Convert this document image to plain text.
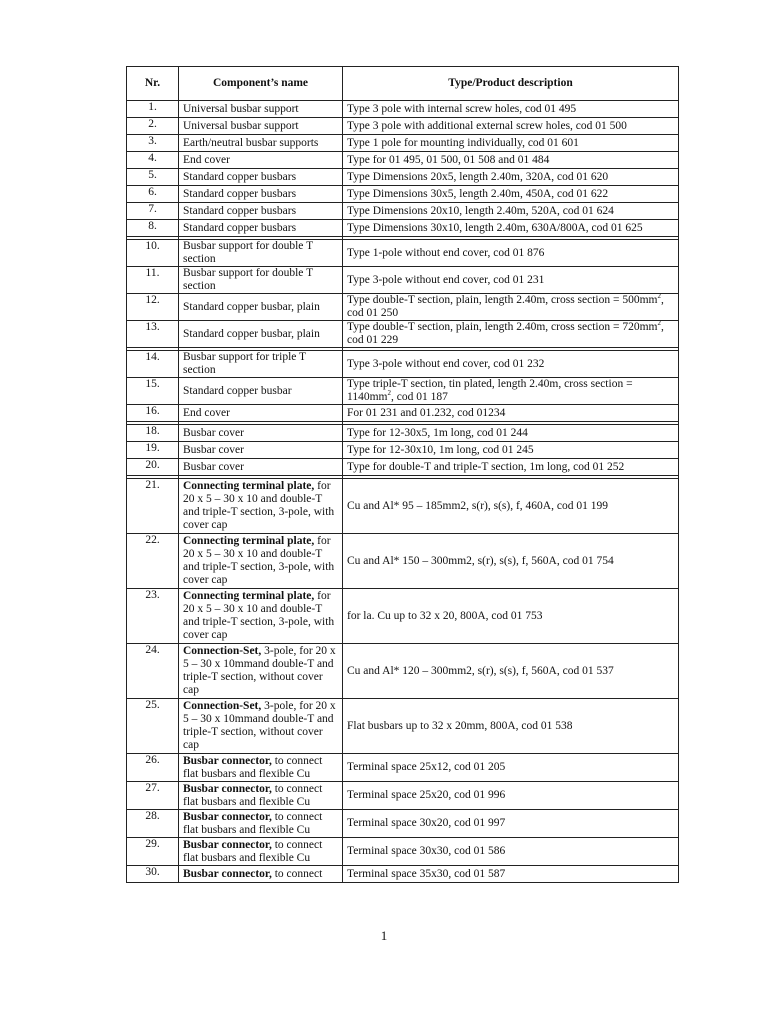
Nr.	Component’s name	Type/Product description
1.	Universal busbar support	Type 3 pole with internal screw holes, cod 01 495
2.	Universal busbar support	Type 3 pole with additional external screw holes, cod 01 500
3.	Earth/neutral busbar supports	Type 1 pole for mounting individually, cod 01 601
4.	End cover	Type for 01 495, 01 500, 01 508 and 01 484
5.	Standard copper busbars	Type Dimensions 20x5, length 2.40m, 320A, cod 01 620
6.	Standard copper busbars	Type Dimensions 30x5, length 2.40m, 450A, cod 01 622
7.	Standard copper busbars	Type Dimensions 20x10, length 2.40m, 520A, cod 01 624
8.	Standard copper busbars	Type Dimensions 30x10, length 2.40m, 630A/800A, cod 01 625

10.	Busbar support for double T section	Type 1-pole without end cover, cod 01 876
11.	Busbar support for double T section	Type 3-pole without end cover, cod 01 231
12.	Standard copper busbar, plain	Type double-T section, plain, length 2.40m, cross section = $500mm^2$, cod 01 250
13.	Standard copper busbar, plain	Type double-T section, plain, length 2.40m, cross section = $720mm^2$, cod 01 229

14.	Busbar support for triple T section	Type 3-pole without end cover, cod 01 232
15.	Standard copper busbar	Type triple-T section, tin plated, length 2.40m, cross section = $1140mm^2$, cod 01 187
16.	End cover	For 01 231 and 01.232, cod 01234

18.	Busbar cover	Type for 12-30x5, 1m long, cod 01 244
19.	Busbar cover	Type for 12-30x10, 1m long, cod 01 245
20.	Busbar cover	Type for double-T and triple-T section, 1m long, cod 01 252

21.	Connecting terminal plate, for 20 x 5 – 30 x 10 and double-T and triple-T section, 3-pole, with cover cap	Cu and Al* 95 – 185mm2, s(r), s(s), f, 460A, cod 01 199
22.	Connecting terminal plate, for 20 x 5 – 30 x 10 and double-T and triple-T section, 3-pole, with cover cap	Cu and Al* 150 – 300mm2, s(r), s(s), f, 560A, cod 01 754
23.	Connecting terminal plate, for 20 x 5 – 30 x 10 and double-T and triple-T section, 3-pole, with cover cap	for la. Cu up to 32 x 20, 800A, cod 01 753
24.	Connection-Set, 3-pole, for 20 x 5 – 30 x 10mmand double-T and triple-T section, without cover cap	Cu and Al* 120 – 300mm2, s(r), s(s), f, 560A, cod 01 537
25.	Connection-Set, 3-pole, for 20 x 5 – 30 x 10mmand double-T and triple-T section, without cover cap	Flat busbars up to 32 x 20mm, 800A, cod 01 538
26.	Busbar connector, to connect flat busbars and flexible Cu	Terminal space 25x12, cod 01 205
27.	Busbar connector, to connect flat busbars and flexible Cu	Terminal space 25x20, cod 01 996
28.	Busbar connector, to connect flat busbars and flexible Cu	Terminal space 30x20, cod 01 997
29.	Busbar connector, to connect flat busbars and flexible Cu	Terminal space 30x30, cod 01 586
30.	Busbar connector, to connect	Terminal space 35x30, cod 01 587
1
